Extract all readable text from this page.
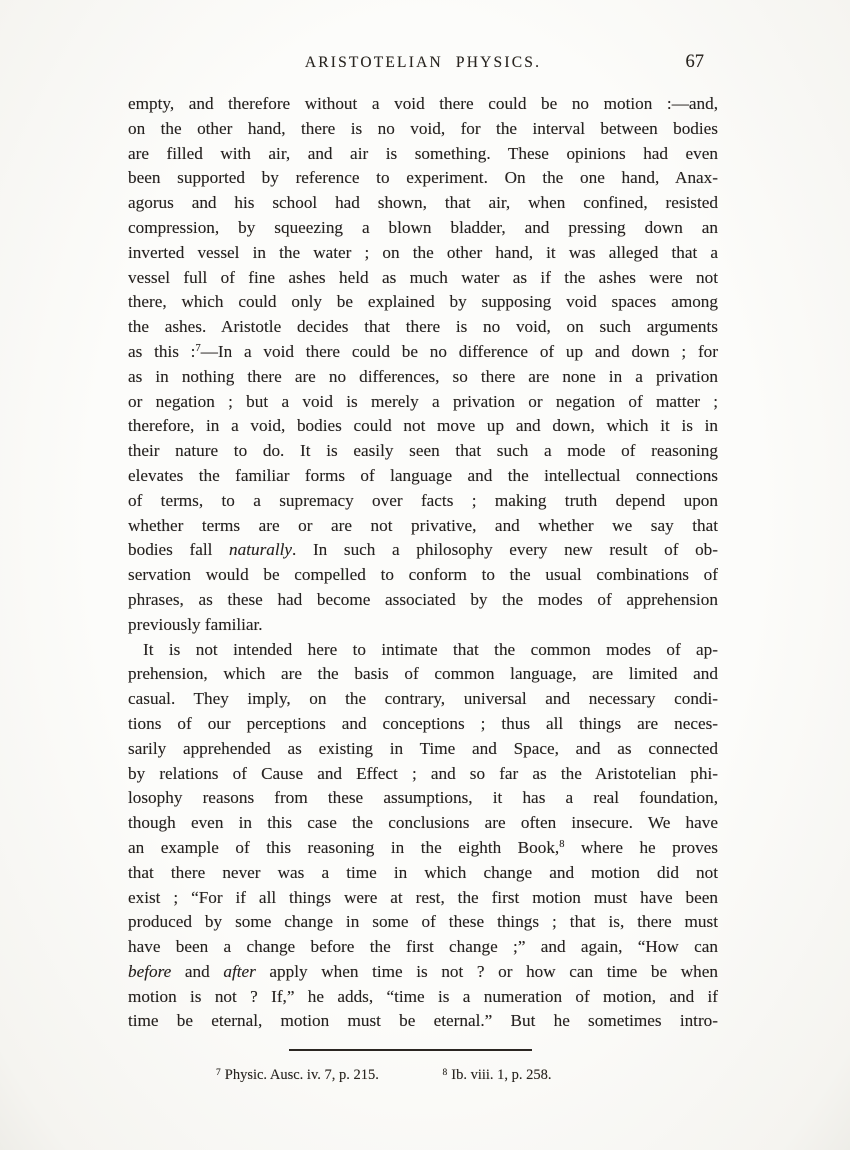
ARISTOTELIAN PHYSICS.	67
empty, and therefore without a void there could be no motion :—and,
on the other hand, there is no void, for the interval between bodies
are filled with air, and air is something. These opinions had even
been supported by reference to experiment. On the one hand, Anax-
agorus and his school had shown, that air, when confined, resisted
compression, by squeezing a blown bladder, and pressing down an
inverted vessel in the water ; on the other hand, it was alleged that a
vessel full of fine ashes held as much water as if the ashes were not
there, which could only be explained by supposing void spaces among
the ashes. Aristotle decides that there is no void, on such arguments
as this :$^7$—In a void there could be no difference of up and down ; for
as in nothing there are no differences, so there are none in a privation
or negation ; but a void is merely a privation or negation of matter ;
therefore, in a void, bodies could not move up and down, which it is in
their nature to do. It is easily seen that such a mode of reasoning
elevates the familiar forms of language and the intellectual connections
of terms, to a supremacy over facts ; making truth depend upon
whether terms are or are not privative, and whether we say that
bodies fall naturally. In such a philosophy every new result of ob-
servation would be compelled to conform to the usual combinations of
phrases, as these had become associated by the modes of apprehension
previously familiar.
It is not intended here to intimate that the common modes of ap-
prehension, which are the basis of common language, are limited and
casual. They imply, on the contrary, universal and necessary condi-
tions of our perceptions and conceptions ; thus all things are neces-
sarily apprehended as existing in Time and Space, and as connected
by relations of Cause and Effect ; and so far as the Aristotelian phi-
losophy reasons from these assumptions, it has a real foundation,
though even in this case the conclusions are often insecure. We have
an example of this reasoning in the eighth Book,$^8$ where he proves
that there never was a time in which change and motion did not
exist ; “For if all things were at rest, the first motion must have been
produced by some change in some of these things ; that is, there must
have been a change before the first change ;” and again, “How can
before and after apply when time is not ? or how can time be when
motion is not ? If,” he adds, “time is a numeration of motion, and if
time be eternal, motion must be eternal.” But he sometimes intro-
$^7$ Physic. Ausc. iv. 7, p. 215.	$^8$ Ib. viii. 1, p. 258.
